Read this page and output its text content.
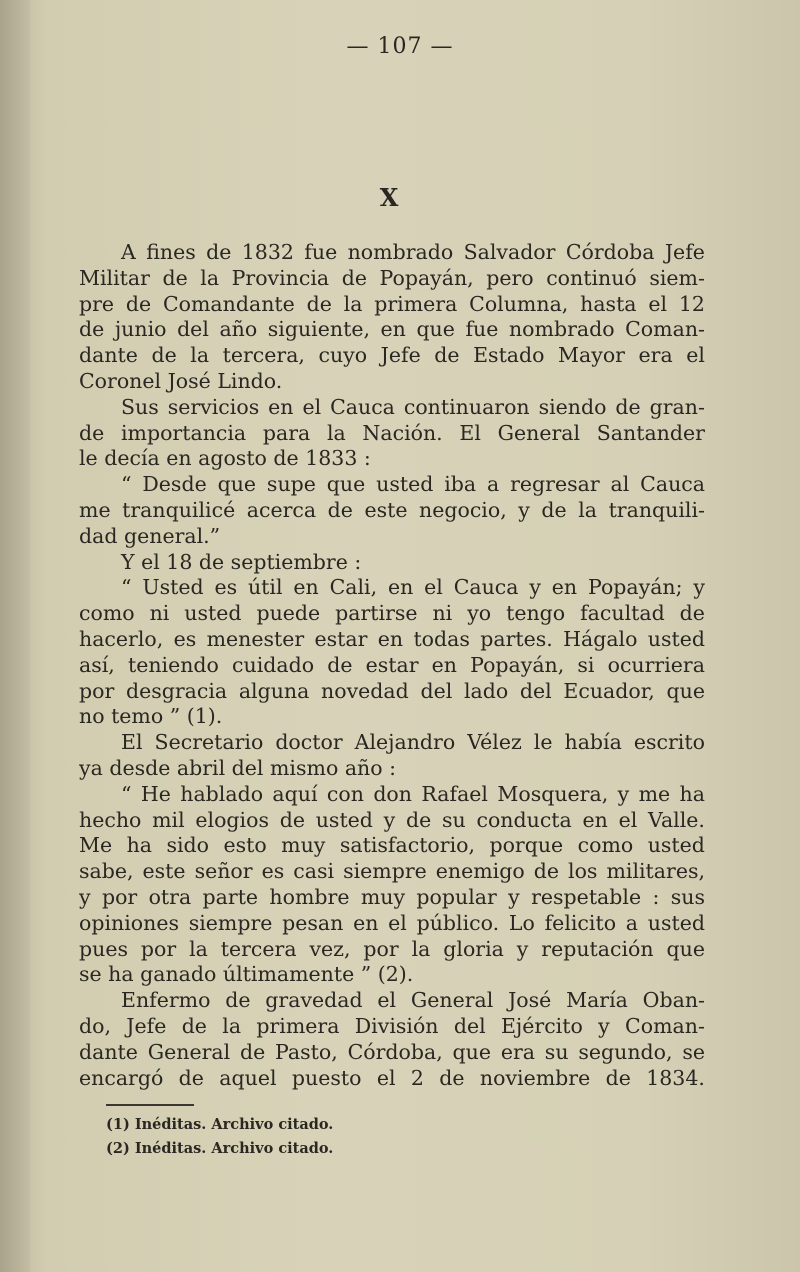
— 107 —
X
A fines de 1832 fue nombrado Salvador Córdoba Jefe
Militar de la Provincia de Popayán, pero continuó siem-
pre de Comandante de la primera Columna, hasta el 12
de junio del año siguiente, en que fue nombrado Coman-
dante de la tercera, cuyo Jefe de Estado Mayor era el
Coronel José Lindo.
Sus servicios en el Cauca continuaron siendo de gran-
de importancia para la Nación. El General Santander
le decía en agosto de 1833 :
“ Desde que supe que usted iba a regresar al Cauca
me tranquilicé acerca de este negocio, y de la tranquili-
dad general.”
Y el 18 de septiembre :
“ Usted es útil en Cali, en el Cauca y en Popayán; y
como ni usted puede partirse ni yo tengo facultad de
hacerlo, es menester estar en todas partes. Hágalo usted
así, teniendo cuidado de estar en Popayán, si ocurriera
por desgracia alguna novedad del lado del Ecuador, que
no temo ” (1).
El Secretario doctor Alejandro Vélez le había escrito
ya desde abril del mismo año :
“ He hablado aquí con don Rafael Mosquera, y me ha
hecho mil elogios de usted y de su conducta en el Valle.
Me ha sido esto muy satisfactorio, porque como usted
sabe, este señor es casi siempre enemigo de los militares,
y por otra parte hombre muy popular y respetable : sus
opiniones siempre pesan en el público. Lo felicito a usted
pues por la tercera vez, por la gloria y reputación que
se ha ganado últimamente ” (2).
Enfermo de gravedad el General José María Oban-
do, Jefe de la primera División del Ejército y Coman-
dante General de Pasto, Córdoba, que era su segundo, se
encargó de aquel puesto el 2 de noviembre de 1834.
(1) Inéditas. Archivo citado.
(2) Inéditas. Archivo citado.
